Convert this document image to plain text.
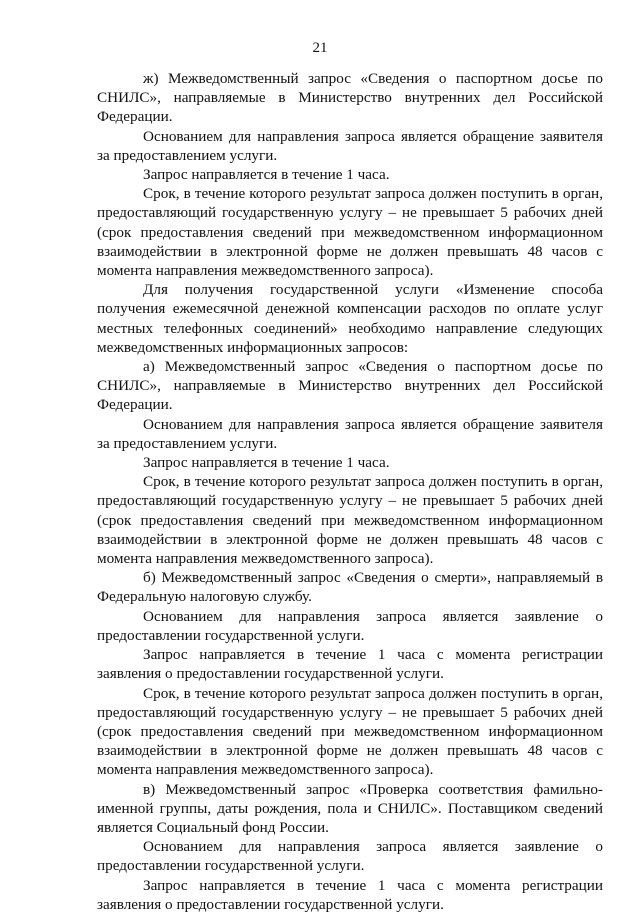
21

ж) Межведомственный запрос «Сведения о паспортном досье по СНИЛС», направляемые в Министерство внутренних дел Российской Федерации.

Основанием для направления запроса является обращение заявителя за предоставлением услуги.

Запрос направляется в течение 1 часа.

Срок, в течение которого результат запроса должен поступить в орган, предоставляющий государственную услугу – не превышает 5 рабочих дней (срок предоставления сведений при межведомственном информационном взаимодействии в электронной форме не должен превышать 48 часов с момента направления межведомственного запроса).

Для получения государственной услуги «Изменение способа получения ежемесячной денежной компенсации расходов по оплате услуг местных телефонных соединений» необходимо направление следующих межведомственных информационных запросов:

а) Межведомственный запрос «Сведения о паспортном досье по СНИЛС», направляемые в Министерство внутренних дел Российской Федерации.

Основанием для направления запроса является обращение заявителя за предоставлением услуги.

Запрос направляется в течение 1 часа.

Срок, в течение которого результат запроса должен поступить в орган, предоставляющий государственную услугу – не превышает 5 рабочих дней (срок предоставления сведений при межведомственном информационном взаимодействии в электронной форме не должен превышать 48 часов с момента направления межведомственного запроса).

б) Межведомственный запрос «Сведения о смерти», направляемый в Федеральную налоговую службу.

Основанием для направления запроса является заявление о предоставлении государственной услуги.

Запрос направляется в течение 1 часа с момента регистрации заявления о предоставлении государственной услуги.

Срок, в течение которого результат запроса должен поступить в орган, предоставляющий государственную услугу – не превышает 5 рабочих дней (срок предоставления сведений при межведомственном информационном взаимодействии в электронной форме не должен превышать 48 часов с момента направления межведомственного запроса).

в) Межведомственный запрос «Проверка соответствия фамильно-именной группы, даты рождения, пола и СНИЛС». Поставщиком сведений является Социальный фонд России.

Основанием для направления запроса является заявление о предоставлении государственной услуги.

Запрос направляется в течение 1 часа с момента регистрации заявления о предоставлении государственной услуги.
